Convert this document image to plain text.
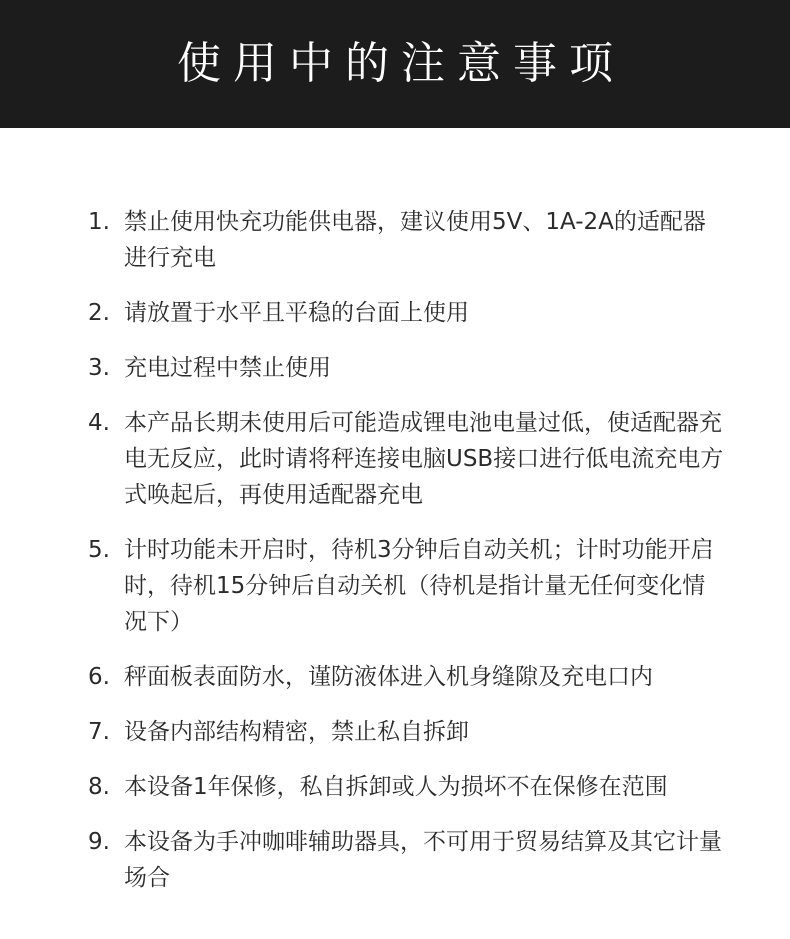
使用中的注意事项
1. 禁止使用快充功能供电器，建议使用5V、1A-2A的适配器进行充电
2. 请放置于水平且平稳的台面上使用
3. 充电过程中禁止使用
4. 本产品长期未使用后可能造成锂电池电量过低，使适配器充电无反应，此时请将秤连接电脑USB接口进行低电流充电方式唤起后，再使用适配器充电
5. 计时功能未开启时，待机3分钟后自动关机；计时功能开启时，待机15分钟后自动关机（待机是指计量无任何变化情况下）
6. 秤面板表面防水，谨防液体进入机身缝隙及充电口内
7. 设备内部结构精密，禁止私自拆卸
8. 本设备1年保修，私自拆卸或人为损坏不在保修在范围
9. 本设备为手冲咖啡辅助器具，不可用于贸易结算及其它计量场合
